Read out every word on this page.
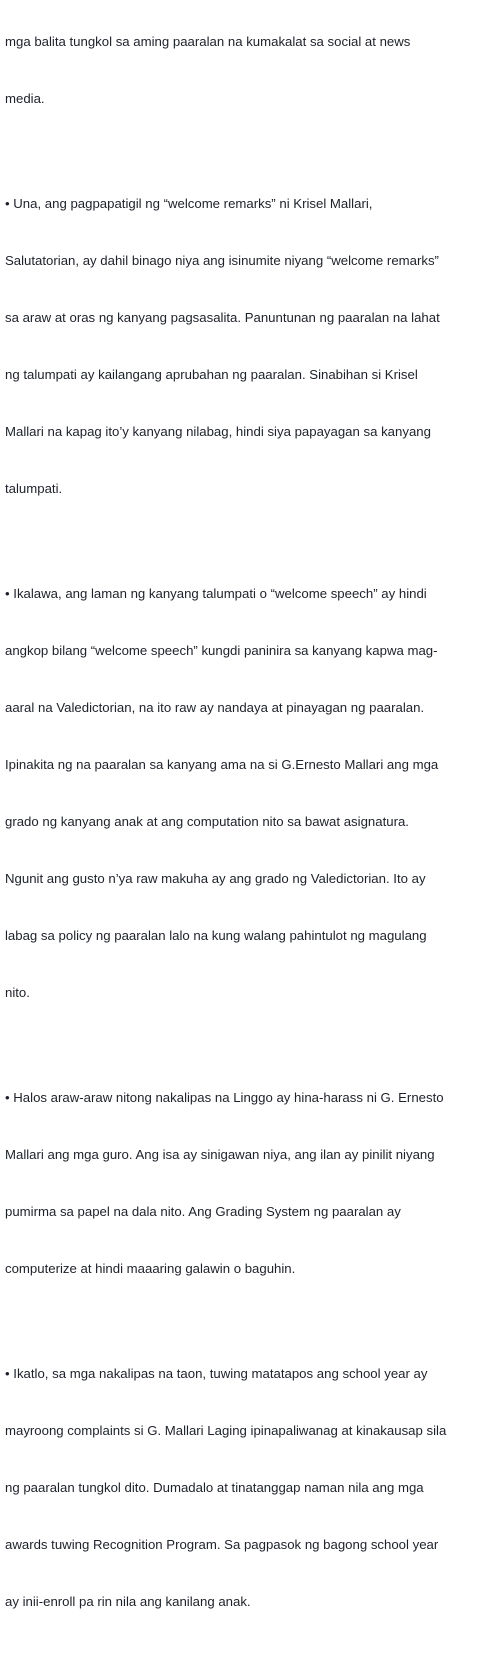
mga balita tungkol sa aming paaralan na kumakalat sa social at news

media.

• Una, ang pagpapatigil ng “welcome remarks” ni Krisel Mallari,

Salutatorian, ay dahil binago niya ang isinumite niyang “welcome remarks”

sa araw at oras ng kanyang pagsasalita. Panuntunan ng paaralan na lahat

ng talumpati ay kailangang aprubahan ng paaralan. Sinabihan si Krisel

Mallari na kapag ito’y kanyang nilabag, hindi siya papayagan sa kanyang

talumpati.

• Ikalawa, ang laman ng kanyang talumpati o “welcome speech” ay hindi

angkop bilang “welcome speech” kungdi paninira sa kanyang kapwa mag-

aaral na Valedictorian, na ito raw ay nandaya at pinayagan ng paaralan.

Ipinakita ng na paaralan sa kanyang ama na si G.Ernesto Mallari ang mga

grado ng kanyang anak at ang computation nito sa bawat asignatura.

Ngunit ang gusto n’ya raw makuha ay ang grado ng Valedictorian. Ito ay

labag sa policy ng paaralan lalo na kung walang pahintulot ng magulang

nito.

• Halos araw-araw nitong nakalipas na Linggo ay hina-harass ni G. Ernesto

Mallari ang mga guro. Ang isa ay sinigawan niya, ang ilan ay pinilit niyang

pumirma sa papel na dala nito. Ang Grading System ng paaralan ay

computerize at hindi maaaring galawin o baguhin.

• Ikatlo, sa mga nakalipas na taon, tuwing matatapos ang school year ay

mayroong complaints si G. Mallari Laging ipinapaliwanag at kinakausap sila

ng paaralan tungkol dito. Dumadalo at tinatanggap naman nila ang mga

awards tuwing Recognition Program. Sa pagpasok ng bagong school year

ay inii-enroll pa rin nila ang kanilang anak.
